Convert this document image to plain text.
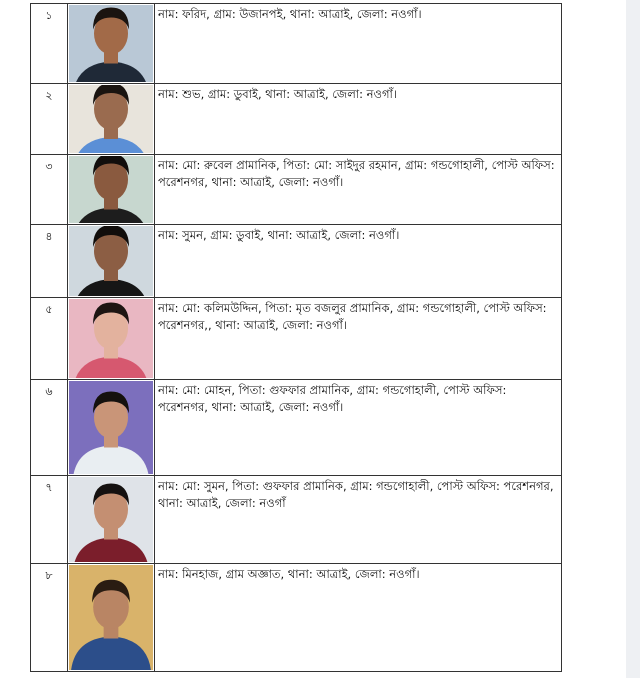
১		নাম: ফরিদ, গ্রাম: উজানপই, থানা: আত্রাই, জেলা: নওগাঁ।
২		নাম: শুভ, গ্রাম: ডুবাই, থানা: আত্রাই, জেলা: নওগাঁ।
৩		নাম: মো: রুবেল প্রামানিক, পিতা: মো: সাইদুর রহমান, গ্রাম: গন্ডগোহালী, পোস্ট অফিস: পরেশনগর, থানা: আত্রাই, জেলা: নওগাঁ।
৪		নাম: সুমন, গ্রাম: ডুবাই, থানা: আত্রাই, জেলা: নওগাঁ।
৫		নাম: মো: কলিমউদ্দিন, পিতা: মৃত বজলুর প্রামানিক, গ্রাম: গন্ডগোহালী, পোস্ট অফিস: পরেশনগর,, থানা: আত্রাই, জেলা: নওগাঁ।
৬		নাম: মো: মোহন, পিতা: গুফফার প্রামানিক, গ্রাম: গন্ডগোহালী, পোস্ট অফিস: পরেশনগর, থানা: আত্রাই, জেলা: নওগাঁ।
৭		নাম: মো: সুমন, পিতা: গুফফার প্রামানিক, গ্রাম: গন্ডগোহালী, পোস্ট অফিস: পরেশনগর, থানা: আত্রাই, জেলা: নওগাঁ
৮		নাম: মিনহাজ, গ্রাম অজ্ঞাত, থানা: আত্রাই, জেলা: নওগাঁ।
